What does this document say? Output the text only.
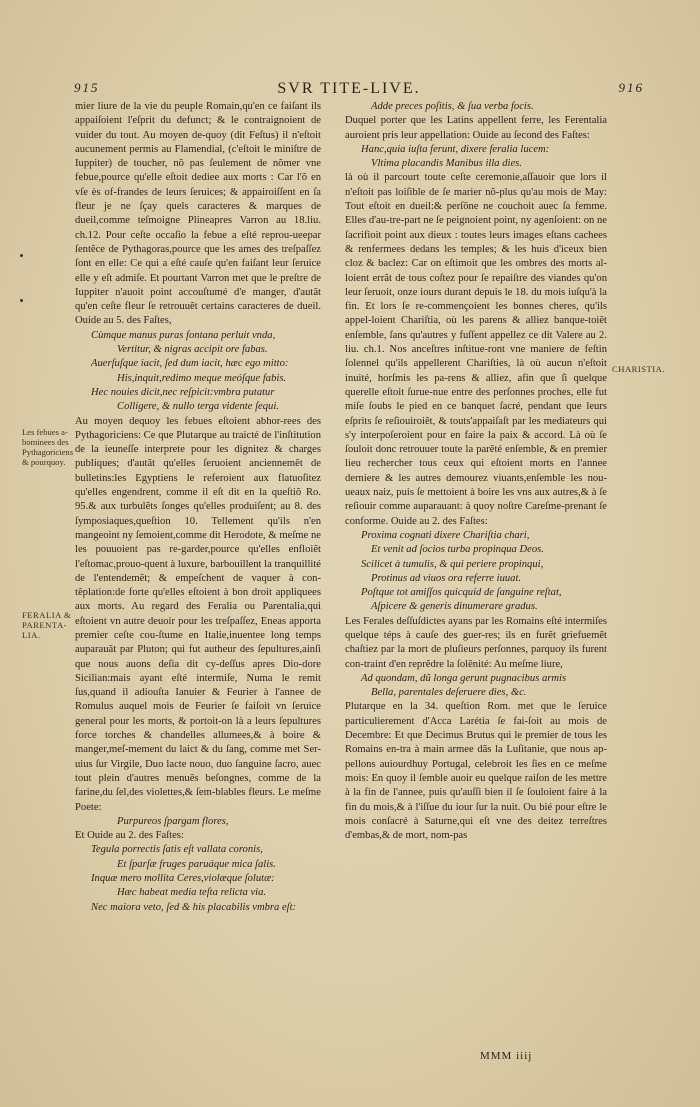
915	SVR TITE-LIVE.	916

mier liure de la vie du peuple Romain,qu'en ce faiſant ils appaiſoient l'eſprit du defunct; & le contraignoient de vuider du tout. Au moyen de-quoy (dit Feſtus) il n'eſtoit aucunement permis au Flamendial, (c'eſtoit le miniſtre de Iuppiter) de toucher, nõ pas ſeulement de nõmer vne febue,pource qu'elle eſtoit dediee aux morts : Car l'õ en vſe ès of-frandes de leurs ſeruices; & appairoiſſent en ſa fleur je ne ſçay quels caracteres & marques de dueil,comme teſmoigne Plineapres Varron au 18.liu. ch.12. Pour ceſte occaſio la febue a eſté reprou-ueepar ſentẽce de Pythagoras,pource que les ames des treſpaſſez ſont en elle: Ce qui a eſté cauſe qu'en faiſant leur ſeruice elle y eſt admiſe. Et pourtant Varron met que le preſtre de Iuppiter n'auoit point accouſtumé d'e manger, d'autãt qu'en ceſte fleur ſe retrouuẽt certains caracteres de dueil. Ouide au 5. des Faſtes,

Cùmque manus puras fontana perluit vnda,

Vertitur, & nigras accipit ore fabas.

Auerſuſque iacit, ſed dum iacit, hæc ego mitto:

His,inquit,redimo meque meóſque fabis.

Hec nouies dicit,nec reſpicit:vmbra putatur

Colligere, & nullo terga vidente ſequi.

Au moyen dequoy les febues eſtoient abhor-rees des Pythagoriciens: Ce que Plutarque au traicté de l'inſtitution de la ieuneſſe interprete pour les dignitez & charges publiques; d'autãt qu'elles ſeruoient anciennemẽt de bulletins:les Egyptiens le referoient aux flatuoſitez qu'elles engendrent, comme il eſt dit en la queſtiõ Ro. 95.& aux turbulẽts ſonges qu'elles produiſent; au 8. des ſymposiaques,queſtion 10. Tellement qu'ils n'en mangeoint ny ſemoient,comme dit Herodote, & meſme ne les pouuoient pas re-garder,pource qu'elles enfloiẽt l'eſtomac,prouo-quent à luxure, barbouillent la tranquillité de l'entendemẽt; & empeſchent de vaquer à con-tẽplation:de forte qu'elles eſtoient à bon droit appliquees aux morts. Au regard des Feralia ou Parentalia,qui eſtoient vn autre deuoir pour les treſpaſſez, Eneas apporta premier ceſte cou-ſtume en Italie,inuentee long temps auparauãt par Pluton; qui fut autheur des ſepultures,ainſi que nous auons deſia dit cy-deſſus apres Dio-dore Sicilian:mais ayant eſté intermiſe, Numa le remit ſus,quand il adiouſta Ianuier & Feurier à l'annee de Romulus auquel mois de Feurier ſe faiſoit vn ſeruice general pour les morts, & portoit-on là a leurs ſepultures force torches & chandelles allumees,& à boire & manger,meſ-mement du laict & du ſang, comme met Ser-uius ſur Virgile, Duo lacte nouo, duo ſanguine ſacro, auec tout plein d'autres menuẽs beſongnes, comme de la farine,du ſel,des violettes,& ſem-blables fleurs. Le meſme Poete:

Purpureos ſpargam flores,

Et Ouide au 2. des Faſtes:

Tegula porrectis ſatis eſt vallata coronis,

Et ſparſæ fruges paruáque mica ſalis.

Inquæ mero mollita Ceres,violæque ſolutæ:

Hæc habeat media teſta relicta via.

Nec maiora veto, ſed & his placabilis vmbra eſt:

Adde preces poſitis, & ſua verba focis.

Duquel porter que les Latins appellent ferre, les Ferentalia auroient pris leur appellation: Ouide au ſecond des Faſtes:

Hanc,quia iuſta ferunt, dixere feralia lucem:

Vltima placandis Manibus illa dies.

là où il parcourt toute ceſte ceremonie,aſſauoir que lors il n'eſtoit pas loiſible de ſe marier nõ-plus qu'au mois de May: Tout eſtoit en dueil:& perſõne ne couchoit auec ſa femme. Elles d'au-tre-part ne ſe peignoient point, ny agenſoient: on ne ſacrifioit point aux dieux : toutes leurs images eſtans cachees & renfermees dedans les temples; & les huis d'iceux bien cloz & baclez: Car on eſtimoit que les ombres des morts al-loient errãt de tous coſtez pour ſe repaiſtre des viandes qu'on leur ſeruoit, onze iours durant depuis le 18. du mois iuſqu'à la fin. Et lors ſe re-commençoient les bonnes cheres, qu'ils appel-loient Chariſtia, où les parens & alliez banque-toiẽt enſemble, ſans qu'autres y fuſſent appellez ce dit Valere au 2. liu. ch.1. Nos anceſtres inſtitue-ront vne maniere de feſtin ſolennel qu'ils appellerent Chariſties, là où aucun n'eſtoit inuité, horſmis les pa-rens & alliez, afin que ſi quelque querelle eſtoit ſurue-nue entre des perſonnes proches, elle fut miſe ſoubs le pied en ce banquet ſacré, pendant que leurs eſprits ſe reſiouiroiẽt, & touts'appaiſaſt par les mediateurs qui s'y interpoſeroient pour en faire la paix & accord. Là où ſe ſouloit donc retrouuer toute la parẽté enſemble, & en premier lieu rechercher tous ceux qui eſtoient morts en l'annee derniere & les autres demourez viuants,enſemble les nou-ueaux naiz, puis ſe mettoient à boire les vns aux autres,& à ſe reſiouir comme auparauant: à quoy noſtre Careſme-prenant ſe conforme. Ouide au 2. des Faſtes:

Proxima cognati dixere Chariſtia chari,

Et venit ad ſocios turba propinqua Deos.

Scilicet à tumulis, & qui periere propinqui,

Protinus ad viuos ora referre iuuat.

Poſtque tot amiſſos quicquid de ſanguine reſtat,

Aſpicere & generis dinumerare gradus.

Les Ferales deſſuſdictes ayans par les Romains eſté intermiſes quelque téps à cauſe des guer-res; ils en furẽt griefuemẽt chaſtiez par la mort de pluſieurs perſonnes, parquoy ils furent con-traint d'en reprẽdre la ſolẽnité: Au meſme liure,

Ad quondam, dũ longa gerunt pugnacibus armis

Bella, parentales deſeruere dies, &c.

Plutarque en la 34. queſtion Rom. met que le ſeruice particulierement d'Acca Larétia ſe fai-ſoit au mois de Decembre: Et que Decimus Brutus qui le premier de tous les Romains en-tra à main armee dãs la Luſitanie, que nous ap-pellons auiourdhuy Portugal, celebroit les ſies en ce meſme mois: En quoy il ſemble auoir eu quelque raiſon de les mettre à la fin de l'annee, puis qu'auſſi bien il ſe ſouloient faire à la fin du mois,& à l'iſſue du iour ſur la nuit. Ou bié pour eſtre le mois conſacré à Saturne,qui eſt vne des deitez terreſtres d'embas,& de mort, nom-pas

Les febues a-bominees des Pythagoriciens & pourquoy.
FERALIA & PARENTA-LIA.
CHARISTIA.
MMM iiij
